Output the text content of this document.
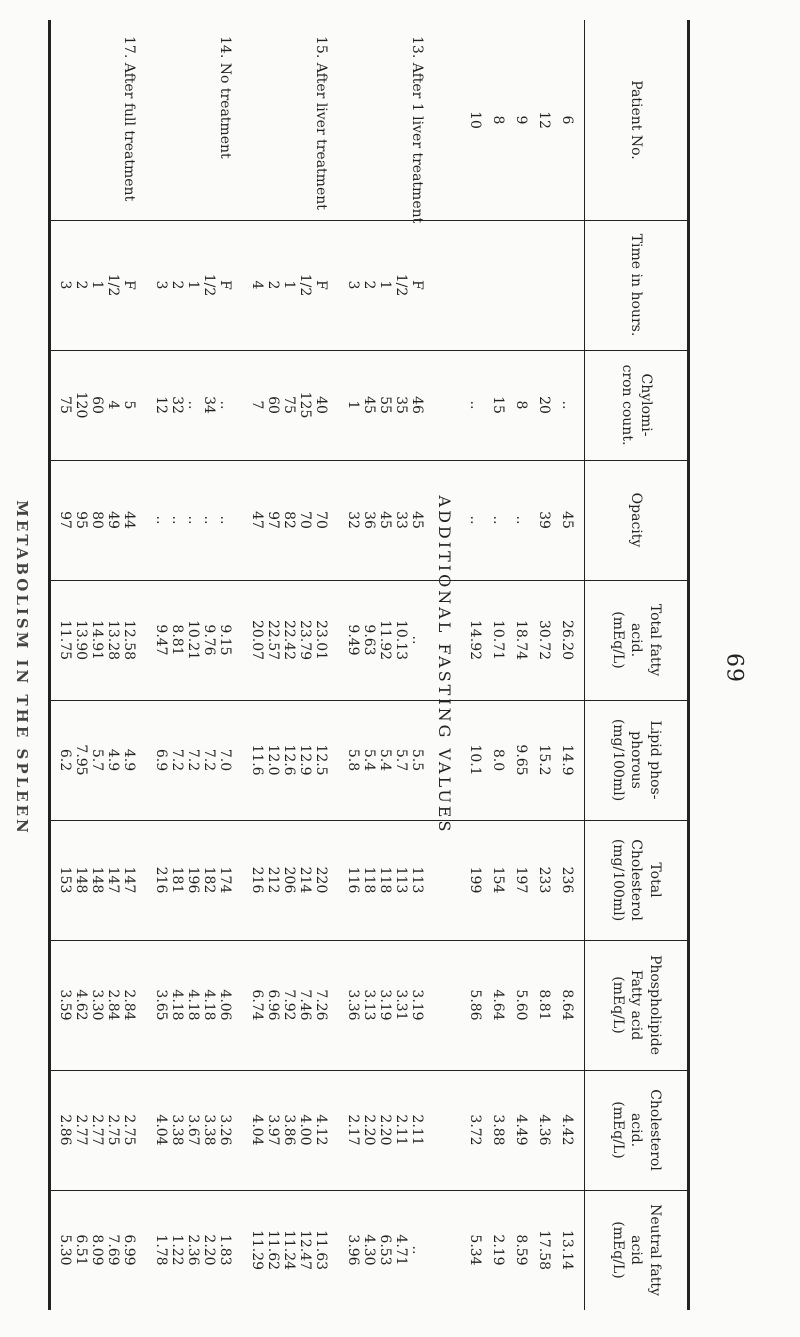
69
METABOLISM IN THE SPLEEN
Patient No.
Time in hours.
Chylomi-
cron count.
Opacity
Total fatty
acid.
(mEq/L)
Lipid phos-
phorous
(mg/100ml)
Total
Cholesterol
(mg/100ml)
Phospholipide
Fatty acid
(mEq/L)
Cholesterol
acid.
(mEq/L)
Neutral fatty
acid
(mEq/L)
ADDITIONAL FASTING VALUES
6
..
45
26.20
14.9
236
8.64
4.42
13.14
12
20
39
30.72
15.2
233
8.81
4.36
17.58
9
8
..
18.74
9.65
197
5.60
4.49
8.59
8
15
..
10.71
8.0
154
4.64
3.88
2.19
10
..
..
14.92
10.1
199
5.86
3.72
5.34
13. After 1 liver treatment
F
46
45
..
5.5
113
3.19
2.11
..
1/2
35
33
10.13
5.7
113
3.31
2.11
4.71
1
55
45
11.92
5.4
118
3.19
2.20
6.53
2
45
36
9.63
5.4
118
3.13
2.20
4.30
3
1
32
9.49
5.8
116
3.36
2.17
3.96
15. After liver treatment
F
40
70
23.01
12.5
220
7.26
4.12
11.63
1/2
125
70
23.79
12.9
214
7.46
4.00
12.47
1
75
82
22.42
12.6
206
7.92
3.86
11.24
2
60
97
22.57
12.0
212
6.96
3.97
11.62
4
7
47
20.07
11.6
216
6.74
4.04
11.29
14. No treatment
F
..
..
9.15
7.0
174
4.06
3.26
1.83
1/2
34
..
9.76
7.2
182
4.18
3.38
2.20
1
..
..
10.21
7.2
196
4.18
3.67
2.36
2
32
..
8.81
7.2
181
4.18
3.38
1.22
3
12
..
9.47
6.9
216
3.65
4.04
1.78
17. After full treatment
F
5
44
12.58
4.9
147
2.84
2.75
6.99
1/2
4
49
13.28
4.9
147
2.84
2.75
7.69
1
60
80
14.91
5.7
148
3.30
2.77
8.09
2
120
95
13.90
7.95
148
4.62
2.77
6.51
3
75
97
11.75
6.2
153
3.59
2.86
5.30
